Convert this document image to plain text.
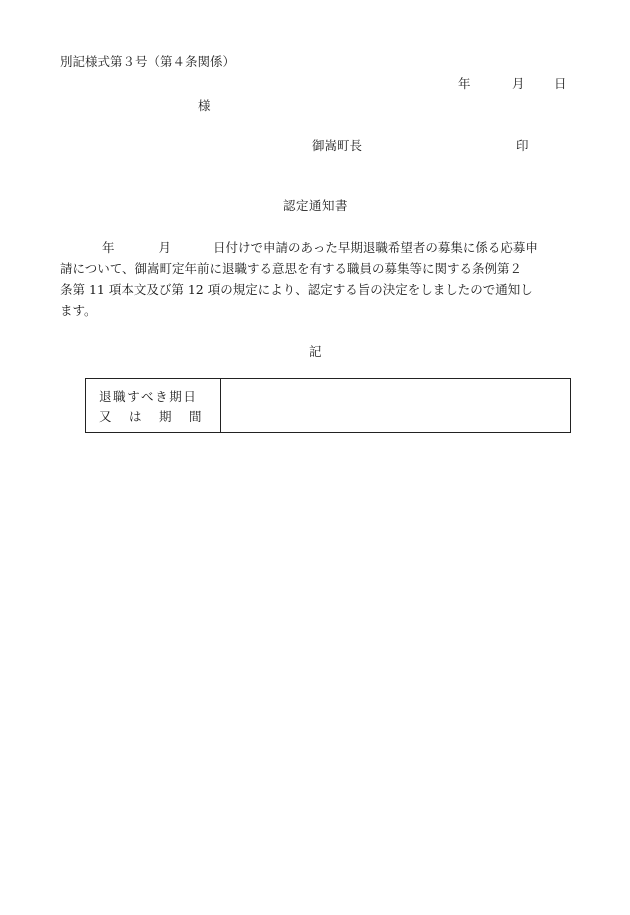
別記様式第３号（第４条関係）
年	月 日
様
御嵩町長	印
認定通知書
年	月	日付けで申請のあった早期退職希望者の募集に係る応募申
請について、御嵩町定年前に退職する意思を有する職員の募集等に関する条例第２
条第 11 項本文及び第 12 項の規定により、認定する旨の決定をしましたので通知し
ます。
記
退職すべき期日
又 は 期 間
